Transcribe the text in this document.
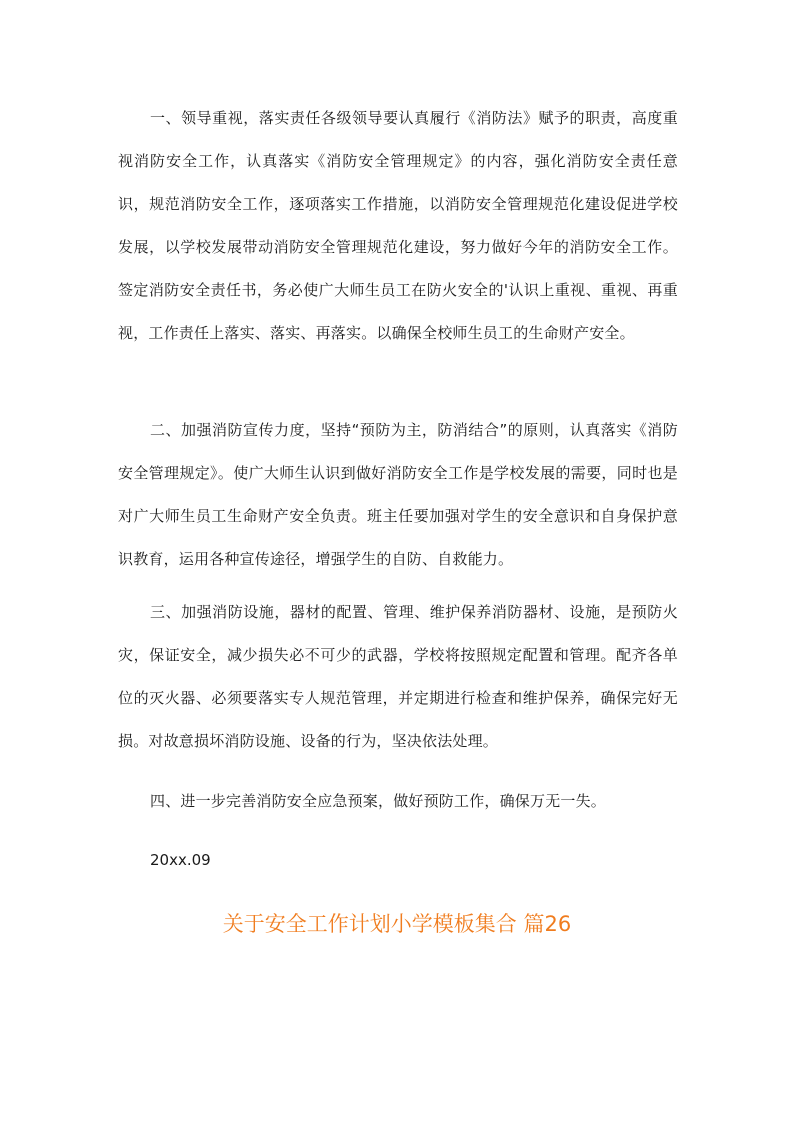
一、领导重视，落实责任各级领导要认真履行《消防法》赋予的职责，高度重视消防安全工作，认真落实《消防安全管理规定》的内容，强化消防安全责任意识，规范消防安全工作，逐项落实工作措施，以消防安全管理规范化建设促进学校发展，以学校发展带动消防安全管理规范化建设，努力做好今年的消防安全工作。签定消防安全责任书，务必使广大师生员工在防火安全的'认识上重视、重视、再重视，工作责任上落实、落实、再落实。以确保全校师生员工的生命财产安全。

二、加强消防宣传力度，坚持“预防为主，防消结合”的原则，认真落实《消防安全管理规定》。使广大师生认识到做好消防安全工作是学校发展的需要，同时也是对广大师生员工生命财产安全负责。班主任要加强对学生的安全意识和自身保护意识教育，运用各种宣传途径，增强学生的自防、自救能力。

三、加强消防设施，器材的配置、管理、维护保养消防器材、设施，是预防火灾，保证安全，减少损失必不可少的武器，学校将按照规定配置和管理。配齐各单位的灭火器、必须要落实专人规范管理，并定期进行检查和维护保养，确保完好无损。对故意损坏消防设施、设备的行为，坚决依法处理。

四、进一步完善消防安全应急预案，做好预防工作，确保万无一失。

20xx.09

关于安全工作计划小学模板集合 篇26
